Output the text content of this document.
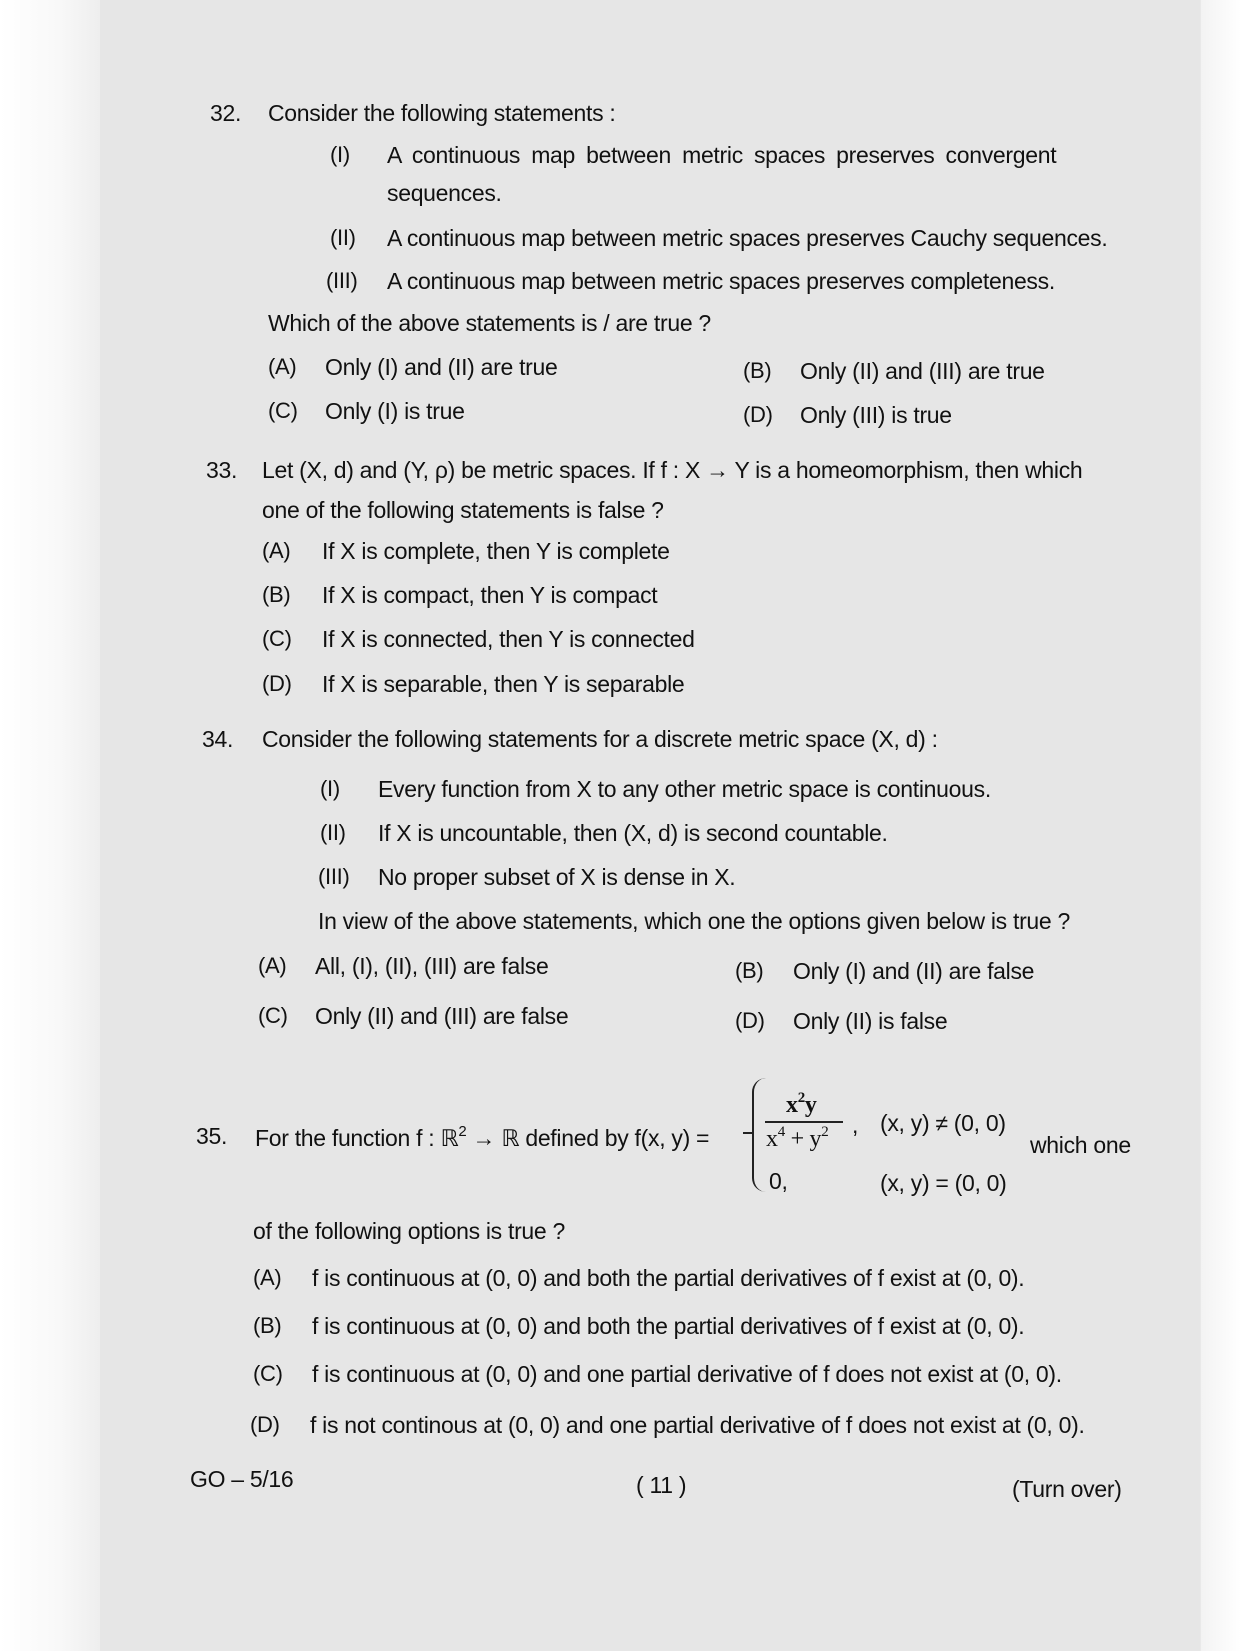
32. Consider the following statements :
(I) A continuous map between metric spaces preserves convergent
sequences.
(II) A continuous map between metric spaces preserves Cauchy sequences.
(III) A continuous map between metric spaces preserves completeness.
Which of the above statements is / are true ?
(A) Only (I) and (II) are true	(B) Only (II) and (III) are true
(C) Only (I) is true	(D) Only (III) is true
33. Let (X, d) and (Y, ρ) be metric spaces. If f : X → Y is a homeomorphism, then which
one of the following statements is false ?
(A) If X is complete, then Y is complete
(B) If X is compact, then Y is compact
(C) If X is connected, then Y is connected
(D) If X is separable, then Y is separable
34. Consider the following statements for a discrete metric space (X, d) :
(I) Every function from X to any other metric space is continuous.
(II) If X is uncountable, then (X, d) is second countable.
(III) No proper subset of X is dense in X.
In view of the above statements, which one the options given below is true ?
(A) All, (I), (II), (III) are false	(B) Only (I) and (II) are false
(C) Only (II) and (III) are false	(D) Only (II) is false
35. For the function f : ℝ$^2$ → ℝ defined by f(x, y) =
$x^2y$
$x^4 + y^2$ , (x, y) ≠ (0, 0)
0,	(x, y) = (0, 0)
which one
of the following options is true ?
(A) f is continuous at (0, 0) and both the partial derivatives of f exist at (0, 0).
(B) f is continuous at (0, 0) and both the partial derivatives of f exist at (0, 0).
(C) f is continuous at (0, 0) and one partial derivative of f does not exist at (0, 0).
(D) f is not continous at (0, 0) and one partial derivative of f does not exist at (0, 0).
GO – 5/16	( 11 )	(Turn over)
